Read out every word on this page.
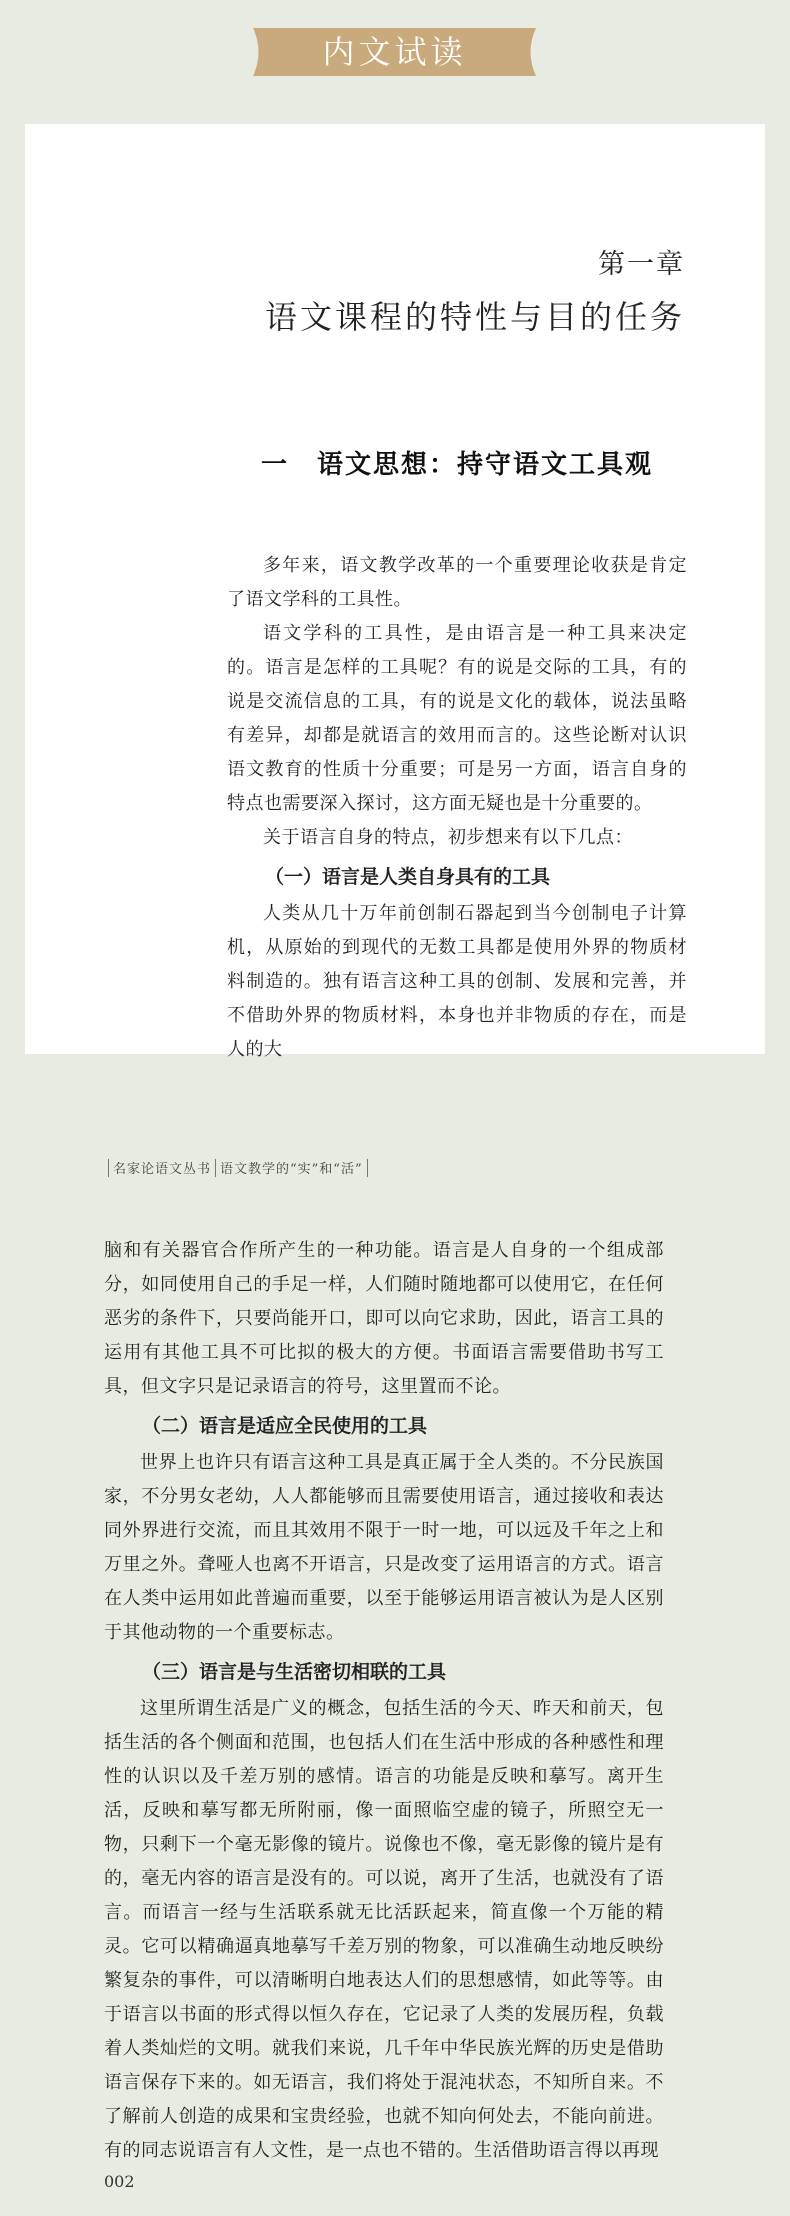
内文试读
第一章
语文课程的特性与目的任务
一　语文思想：持守语文工具观

多年来，语文教学改革的一个重要理论收获是肯定了语文学科的工具性。

语文学科的工具性，是由语言是一种工具来决定的。语言是怎样的工具呢？有的说是交际的工具，有的说是交流信息的工具，有的说是文化的载体，说法虽略有差异，却都是就语言的效用而言的。这些论断对认识语文教育的性质十分重要；可是另一方面，语言自身的特点也需要深入探讨，这方面无疑也是十分重要的。

关于语言自身的特点，初步想来有以下几点：

（一）语言是人类自身具有的工具

人类从几十万年前创制石器起到当今创制电子计算机，从原始的到现代的无数工具都是使用外界的物质材料制造的。独有语言这种工具的创制、发展和完善，并不借助外界的物质材料，本身也并非物质的存在，而是人的大

名家论语文丛书 语文教学的“实”和“活”

脑和有关器官合作所产生的一种功能。语言是人自身的一个组成部分，如同使用自己的手足一样，人们随时随地都可以使用它，在任何恶劣的条件下，只要尚能开口，即可以向它求助，因此，语言工具的运用有其他工具不可比拟的极大的方便。书面语言需要借助书写工具，但文字只是记录语言的符号，这里置而不论。

（二）语言是适应全民使用的工具

世界上也许只有语言这种工具是真正属于全人类的。不分民族国家，不分男女老幼，人人都能够而且需要使用语言，通过接收和表达同外界进行交流，而且其效用不限于一时一地，可以远及千年之上和万里之外。聋哑人也离不开语言，只是改变了运用语言的方式。语言在人类中运用如此普遍而重要，以至于能够运用语言被认为是人区别于其他动物的一个重要标志。

（三）语言是与生活密切相联的工具

这里所谓生活是广义的概念，包括生活的今天、昨天和前天，包括生活的各个侧面和范围，也包括人们在生活中形成的各种感性和理性的认识以及千差万别的感情。语言的功能是反映和摹写。离开生活，反映和摹写都无所附丽，像一面照临空虚的镜子，所照空无一物，只剩下一个毫无影像的镜片。说像也不像，毫无影像的镜片是有的，毫无内容的语言是没有的。可以说，离开了生活，也就没有了语言。而语言一经与生活联系就无比活跃起来，简直像一个万能的精灵。它可以精确逼真地摹写千差万别的物象，可以准确生动地反映纷繁复杂的事件，可以清晰明白地表达人们的思想感情，如此等等。由于语言以书面的形式得以恒久存在，它记录了人类的发展历程，负载着人类灿烂的文明。就我们来说，几千年中华民族光辉的历史是借助语言保存下来的。如无语言，我们将处于混沌状态，不知所自来。不了解前人创造的成果和宝贵经验，也就不知向何处去，不能向前进。有的同志说语言有人文性，是一点也不错的。生活借助语言得以再现

002
